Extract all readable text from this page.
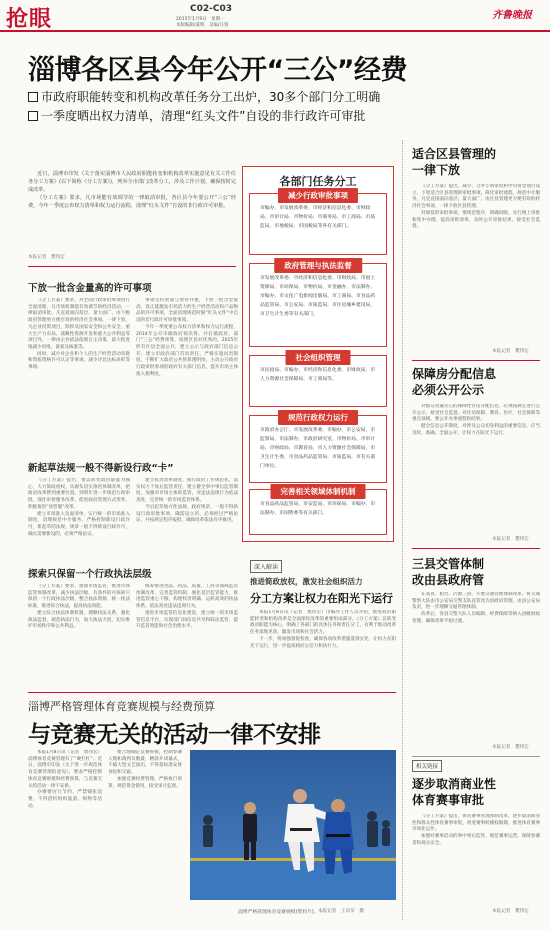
抢眼	C02-C03
2015年1月9日　星期一
本版编辑/戚辉　美编/汪蓉
齐鲁晚报
淄博各区县今年公开“三公”经费
市政府职能转变和机构改革任务分工出炉，30多个部门分工明确
一季度晒出权力清单，清理“红头文件”自设的非行政许可审批

近日，淄博市印发《关于落实淄博市人民政府职能转变和机构改革实施意见有关工作任务分工方案》(以下简称《分工方案》)，列举全市部门改革分工，涉及工作计划、确保按时完成改革。

《分工方案》要求，凡市场能有效调节的一律取消审批，各区县今年要公开“三公”经费，今年一季度公布权力清单和权力运行流程，清理“红头文件”自设的非行政许可审批。

本报记者　樊伟宏
下放一批含金量高的许可事项

《分工方案》要求，对全面行政审批事项进行全面清理，凡市场机制能有效调节的经济活动，一律取消审批，凡直接面向基层、量大面广、由下级政府管理更方便有效的经济社会事项，一律下放，凡企业投资项目，除涉及国家安全和公共安全、重大生产力布局、战略性资源开发和重大公共利益等项目外，一律由企业依法依规自主决策，最大程度地减少审批、备案及核准等。

同时，减少对企业和个人的生产经营活动审批和资质资格许可认定等事项，减少评比达标表彰等事项。

事项坚持放量与放管并重，下放一批含金量高、真正能激发市场活力的生产经营活动和产品物品的许可事项，全面清理规范时限“红头文件”中自设的非行政许可审批事项。

今年一季度要公布权力清单和权力运行流程，2014年公开市级政府预决算，并打破政府、部门“三公”经费预算，按照区县对优秀的，2015年所有区县全面公开，建立公示与政府部门信息公开，建立市政府部门首问责任、严格实施问责制度，不断扩大政府公共预算透明度，主动公开政府行政审批事项的政府有关部门信息，提升市场主体准入便利度。

新起草法规一般不得新设行政“卡”

《分工方案》提出，要以转变政府职能为核心，大力简政放权，从源头切实推进体制改革，把政府改革摆到重要位置。到明年进一步规范行政审批，深化审批服务改革，促进政府管理方式变革，积极推进“放管服”改革。

建立市场准入负面清单，实行统一的市场准入制度，清理规范中介服务，严格控制新设行政许可，新起草的法规、规章一般不得新设行政许可，确实需要新设的，必须严格论证。

建立权责清单制度，推行政府工作规范化，落实权力下放后监管责任，建立健全事中事后监管制度，加强对市场主体的监管，对违法违规行为依法查处，完善统一的市场监管体系。

今后起草地方性法规、政府规章，一般不得新设行政审批事项，确需设立的，必须经过严格论证，并按规定程序报批，确保改革依法有序推进。

探索只保留一个行政执法层级

《分工方案》要求，加强市场监管，推进市场监管体制改革，减少执法层级，有条件的可探索只保留一个行政执法层级，整合执法资源，统一执法标准，推进综合执法，提高执法效能。

建立综合执法体制机制，理顺执法关系，强化执法监督，规范执法行为，加大执法力度，切实维护市场秩序和公共利益。

统筹推进食品、药品、质量、工商等领域监管体制改革，完善监管机制，强化基层监管能力，推进监管重心下移，构建权责明确、运转高效的执法体系，依法查处违法违规行为。

推进市场监管信息化建设，建立统一的市场监管信息平台，实现部门间信息共享和联动监管，提升监管效能和社会治理水平。

各部门任务分工
减少行政审批事项
市编办、市发展改革委、市经济和信息化委、市财政局、市审计局、市物价局、市商务局、市工商局、市质监局、市地税局、市国税局等各有关部门。
政府管理与执法监督
市发展改革委、市经济和信息化委、市财政局、市国土资源局、市环保局、市物价局、市金融办、市法制办、市编办、市文化广电新闻出版局、市工商局、市食品药品监管局、市公安局、市质监局、市住房城乡建设局、市卫生计生委等有关部门。
社会组织管理
市民政局、市编办、市经济和信息化委、市财政局、市人力资源社会保障局、市工商局等。
规范行政权力运行
市政府办公厅、市发展改革委、市编办、市公安局、市监察局、市法制办、市政府研究室、市物价局、市审计局、市财政局、市教育局、市人力资源社会保障局、市卫生计生委、市食品药品监管局、市质监局、市有关部门单位。
完善相关领域体制机制
市食品药品监管局、市安监局、市环保局、市编办、市法制办、市国资委等有关部门。
深入解读
推进简政放权，激发社会组织活力
分工方案让权力在阳光下运行

本报1月8日讯（记者　樊伟宏）市编办工作人员介绍，推进政府职能转变和机构改革是全面深化改革的重要组成部分。《分工方案》以转变政府职能为核心，明确了各部门的具体任务和责任分工，有利于推动改革任务落地见效，激发市场和社会活力。

下一步，将加强督促检查，确保各项改革措施落到实处，让权力在阳光下运行，进一步提高政府公信力和执行力。

适合区县管理的
一律下放

《分工方案》提出，减少、合并专项审批和中央资金项目设立，下放适合区县管理的审批事项，简化审批流程，规范中介服务，凡是直接面向基层、量大面广、由区县管理更方便有效的经济社会事项，一律下放区县管理。

对保留的审批事项，要规范程序，明确时限，实行网上审批和集中办理，提高审批效率，及时公开审批结果，接受社会监督。

本报记者　樊伟宏
保障房分配信息
必须公开公示

对群众普遍关心的保障性住房分配信息，必须按规定进行公开公示，接受社会监督。对住房保障、教育、医疗、社会保障等重点领域，要公开办事流程和结果。

健全信息公开制度，对涉及公众切身利益的重要信息，应当及时、准确、全面公开，让权力在阳光下运行。

本报记者　樊伟宏
三县交管体制
改由县政府管

在高青、桓台、沂源三县，开展交通管理体制改革，将交通警察大队由市公安局交警支队直管改为县政府管理，由县公安局负责，进一步理顺交通管理体制。

改革后，各县交警大队人员编制、经费保障等纳入县级财政管理，确保改革平稳过渡。

本报记者　樊伟宏
相关链接
逐步取消商业性
体育赛事审批

《分工方案》提出，体育赛事管理体制改革，逐步取消商业性和群众性体育赛事审批，放宽赛事转播权限制，推进体育赛事市场化运作。

加强对赛事活动的事中事后监管，规范赛事运营，保障参赛者和观众安全。

本报记者　樊伟宏
淄博严格管理体育竞赛规模与经费预算
与竞赛无关的活动一律不安排

本报1月8日讯（记者　樊伟宏）淄博体育竞赛管理有了“硬杠杠”。近日，淄博市印发《关于进一步规范体育竞赛管理的意见》，要求严格控制体育竞赛规模和经费预算，与竞赛无关的活动一律不安排。

办赛要厉行节约，严禁铺张浪费，不得借机组织旅游、购物等活动。

要合理确定竞赛规模，控制参赛人数和裁判员数量，精简开闭幕式，不搞大型文艺演出，不得超标准安排食宿和交通。

加强竞赛经费管理，严格执行预算，规范资金使用，接受审计监督。

淄博严格管理体育竞赛规模(资料片)。 本报记者　王向军　摄
